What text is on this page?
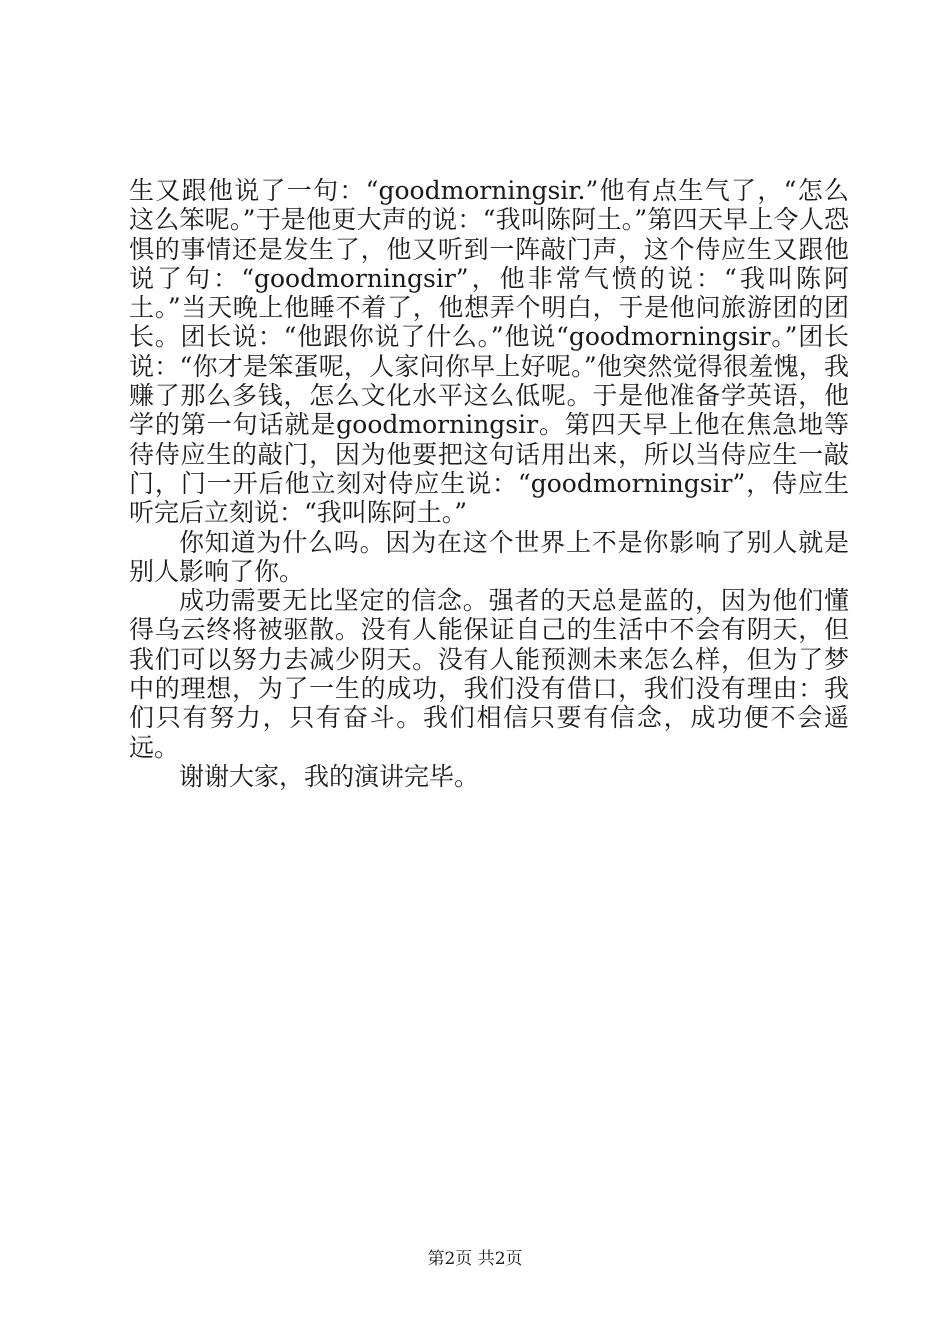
生又跟他说了一句：“goodmorningsir.”他有点生气了，“怎么这么笨呢。”于是他更大声的说：“我叫陈阿土。”第四天早上令人恐惧的事情还是发生了，他又听到一阵敲门声，这个侍应生又跟他说了句：“goodmorningsir”，他非常气愤的说：“我叫陈阿土。”当天晚上他睡不着了，他想弄个明白，于是他问旅游团的团长。团长说：“他跟你说了什么。”他说“goodmorningsir。”团长说：“你才是笨蛋呢，人家问你早上好呢。”他突然觉得很羞愧，我赚了那么多钱，怎么文化水平这么低呢。于是他准备学英语，他学的第一句话就是goodmorningsir。第四天早上他在焦急地等待侍应生的敲门，因为他要把这句话用出来，所以当侍应生一敲门，门一开后他立刻对侍应生说：“goodmorningsir”，侍应生听完后立刻说：“我叫陈阿土。”

你知道为什么吗。因为在这个世界上不是你影响了别人就是别人影响了你。

成功需要无比坚定的信念。强者的天总是蓝的，因为他们懂得乌云终将被驱散。没有人能保证自己的生活中不会有阴天，但我们可以努力去减少阴天。没有人能预测未来怎么样，但为了梦中的理想，为了一生的成功，我们没有借口，我们没有理由：我们只有努力，只有奋斗。我们相信只要有信念，成功便不会遥远。

谢谢大家，我的演讲完毕。

第2页 共2页
